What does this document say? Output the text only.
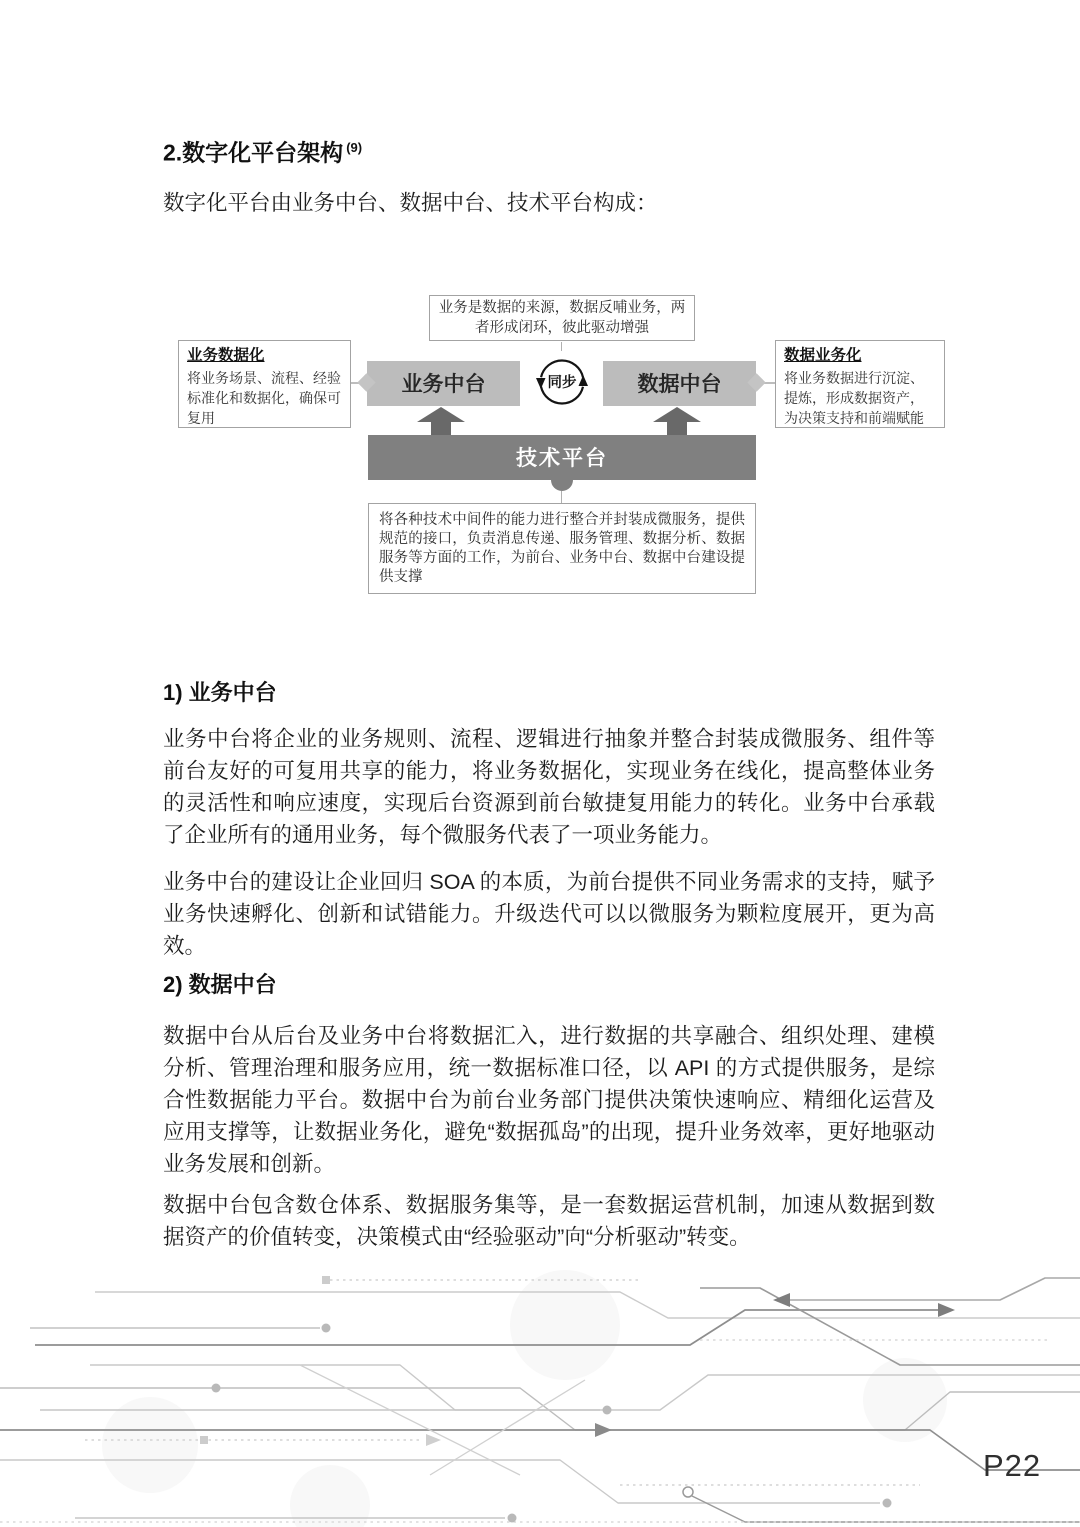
2.数字化平台架构 $^{(9)}$

数字化平台由业务中台、数据中台、技术平台构成：

业务是数据的来源，数据反哺业务，两者形成闭环，彼此驱动增强
同步
业务中台	数据中台
业务数据化
将业务场景、流程、经验标准化和数据化，确保可复用
数据业务化
将业务数据进行沉淀、提炼，形成数据资产，为决策支持和前端赋能
技术平台
将各种技术中间件的能力进行整合并封装成微服务，提供规范的接口，负责消息传递、服务管理、数据分析、数据服务等方面的工作，为前台、业务中台、数据中台建设提供支撑
1) 业务中台

业务中台将企业的业务规则、流程、逻辑进行抽象并整合封装成微服务、组件等前台友好的可复用共享的能力，将业务数据化，实现业务在线化，提高整体业务的灵活性和响应速度，实现后台资源到前台敏捷复用能力的转化。业务中台承载了企业所有的通用业务，每个微服务代表了一项业务能力。

业务中台的建设让企业回归 SOA 的本质，为前台提供不同业务需求的支持，赋予业务快速孵化、创新和试错能力。升级迭代可以以微服务为颗粒度展开，更为高效。

2) 数据中台

数据中台从后台及业务中台将数据汇入，进行数据的共享融合、组织处理、建模分析、管理治理和服务应用，统一数据标准口径，以 API 的方式提供服务，是综合性数据能力平台。数据中台为前台业务部门提供决策快速响应、精细化运营及应用支撑等，让数据业务化，避免“数据孤岛”的出现，提升业务效率，更好地驱动业务发展和创新。

数据中台包含数仓体系、数据服务集等，是一套数据运营机制，加速从数据到数据资产的价值转变，决策模式由“经验驱动”向“分析驱动”转变。

P22
